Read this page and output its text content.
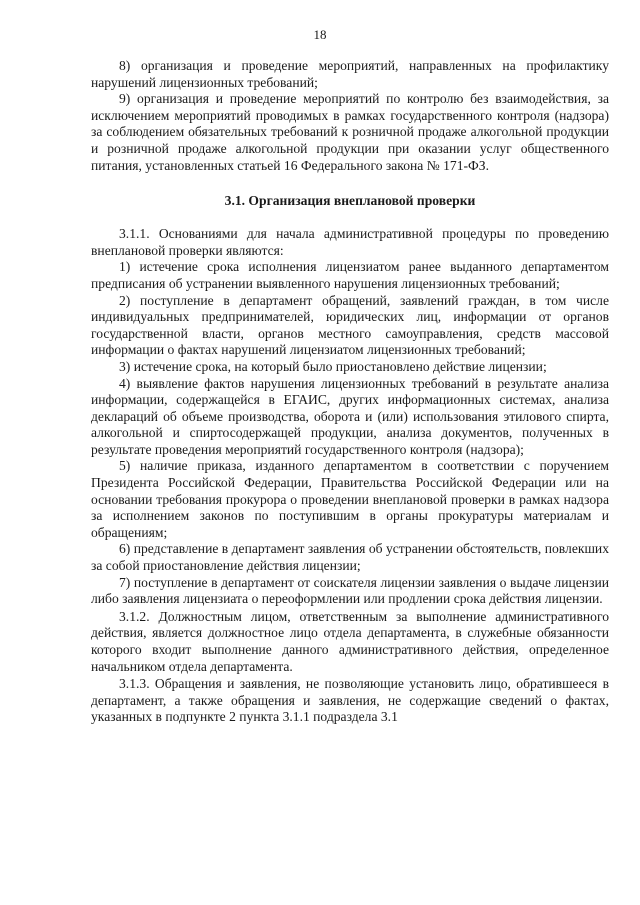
18

8) организация и проведение мероприятий, направленных на профилактику нарушений лицензионных требований;

9) организация и проведение мероприятий по контролю без взаимодействия, за исключением мероприятий проводимых в рамках государственного контроля (надзора) за соблюдением обязательных требований к розничной продаже алкогольной продукции и розничной продаже алкогольной продукции при оказании услуг общественного питания, установленных статьей 16 Федерального закона № 171-ФЗ.

3.1. Организация внеплановой проверки

3.1.1. Основаниями для начала административной процедуры по проведению внеплановой проверки являются:

1) истечение срока исполнения лицензиатом ранее выданного департаментом предписания об устранении выявленного нарушения лицензионных требований;

2) поступление в департамент обращений, заявлений граждан, в том числе индивидуальных предпринимателей, юридических лиц, информации от органов государственной власти, органов местного самоуправления, средств массовой информации о фактах нарушений лицензиатом лицензионных требований;

3) истечение срока, на который было приостановлено действие лицензии;

4) выявление фактов нарушения лицензионных требований в результате анализа информации, содержащейся в ЕГАИС, других информационных системах, анализа деклараций об объеме производства, оборота и (или) использования этилового спирта, алкогольной и спиртосодержащей продукции, анализа документов, полученных в результате проведения мероприятий государственного контроля (надзора);

5) наличие приказа, изданного департаментом в соответствии с поручением Президента Российской Федерации, Правительства Российской Федерации или на основании требования прокурора о проведении внеплановой проверки в рамках надзора за исполнением законов по поступившим в органы прокуратуры материалам и обращениям;

6) представление в департамент заявления об устранении обстоятельств, повлекших за собой приостановление действия лицензии;

7) поступление в департамент от соискателя лицензии заявления о выдаче лицензии либо заявления лицензиата о переоформлении или продлении срока действия лицензии.

3.1.2. Должностным лицом, ответственным за выполнение административного действия, является должностное лицо отдела департамента, в служебные обязанности которого входит выполнение данного административного действия, определенное начальником отдела департамента.

3.1.3. Обращения и заявления, не позволяющие установить лицо, обратившееся в департамент, а также обращения и заявления, не содержащие сведений о фактах, указанных в подпункте 2 пункта 3.1.1 подраздела 3.1
